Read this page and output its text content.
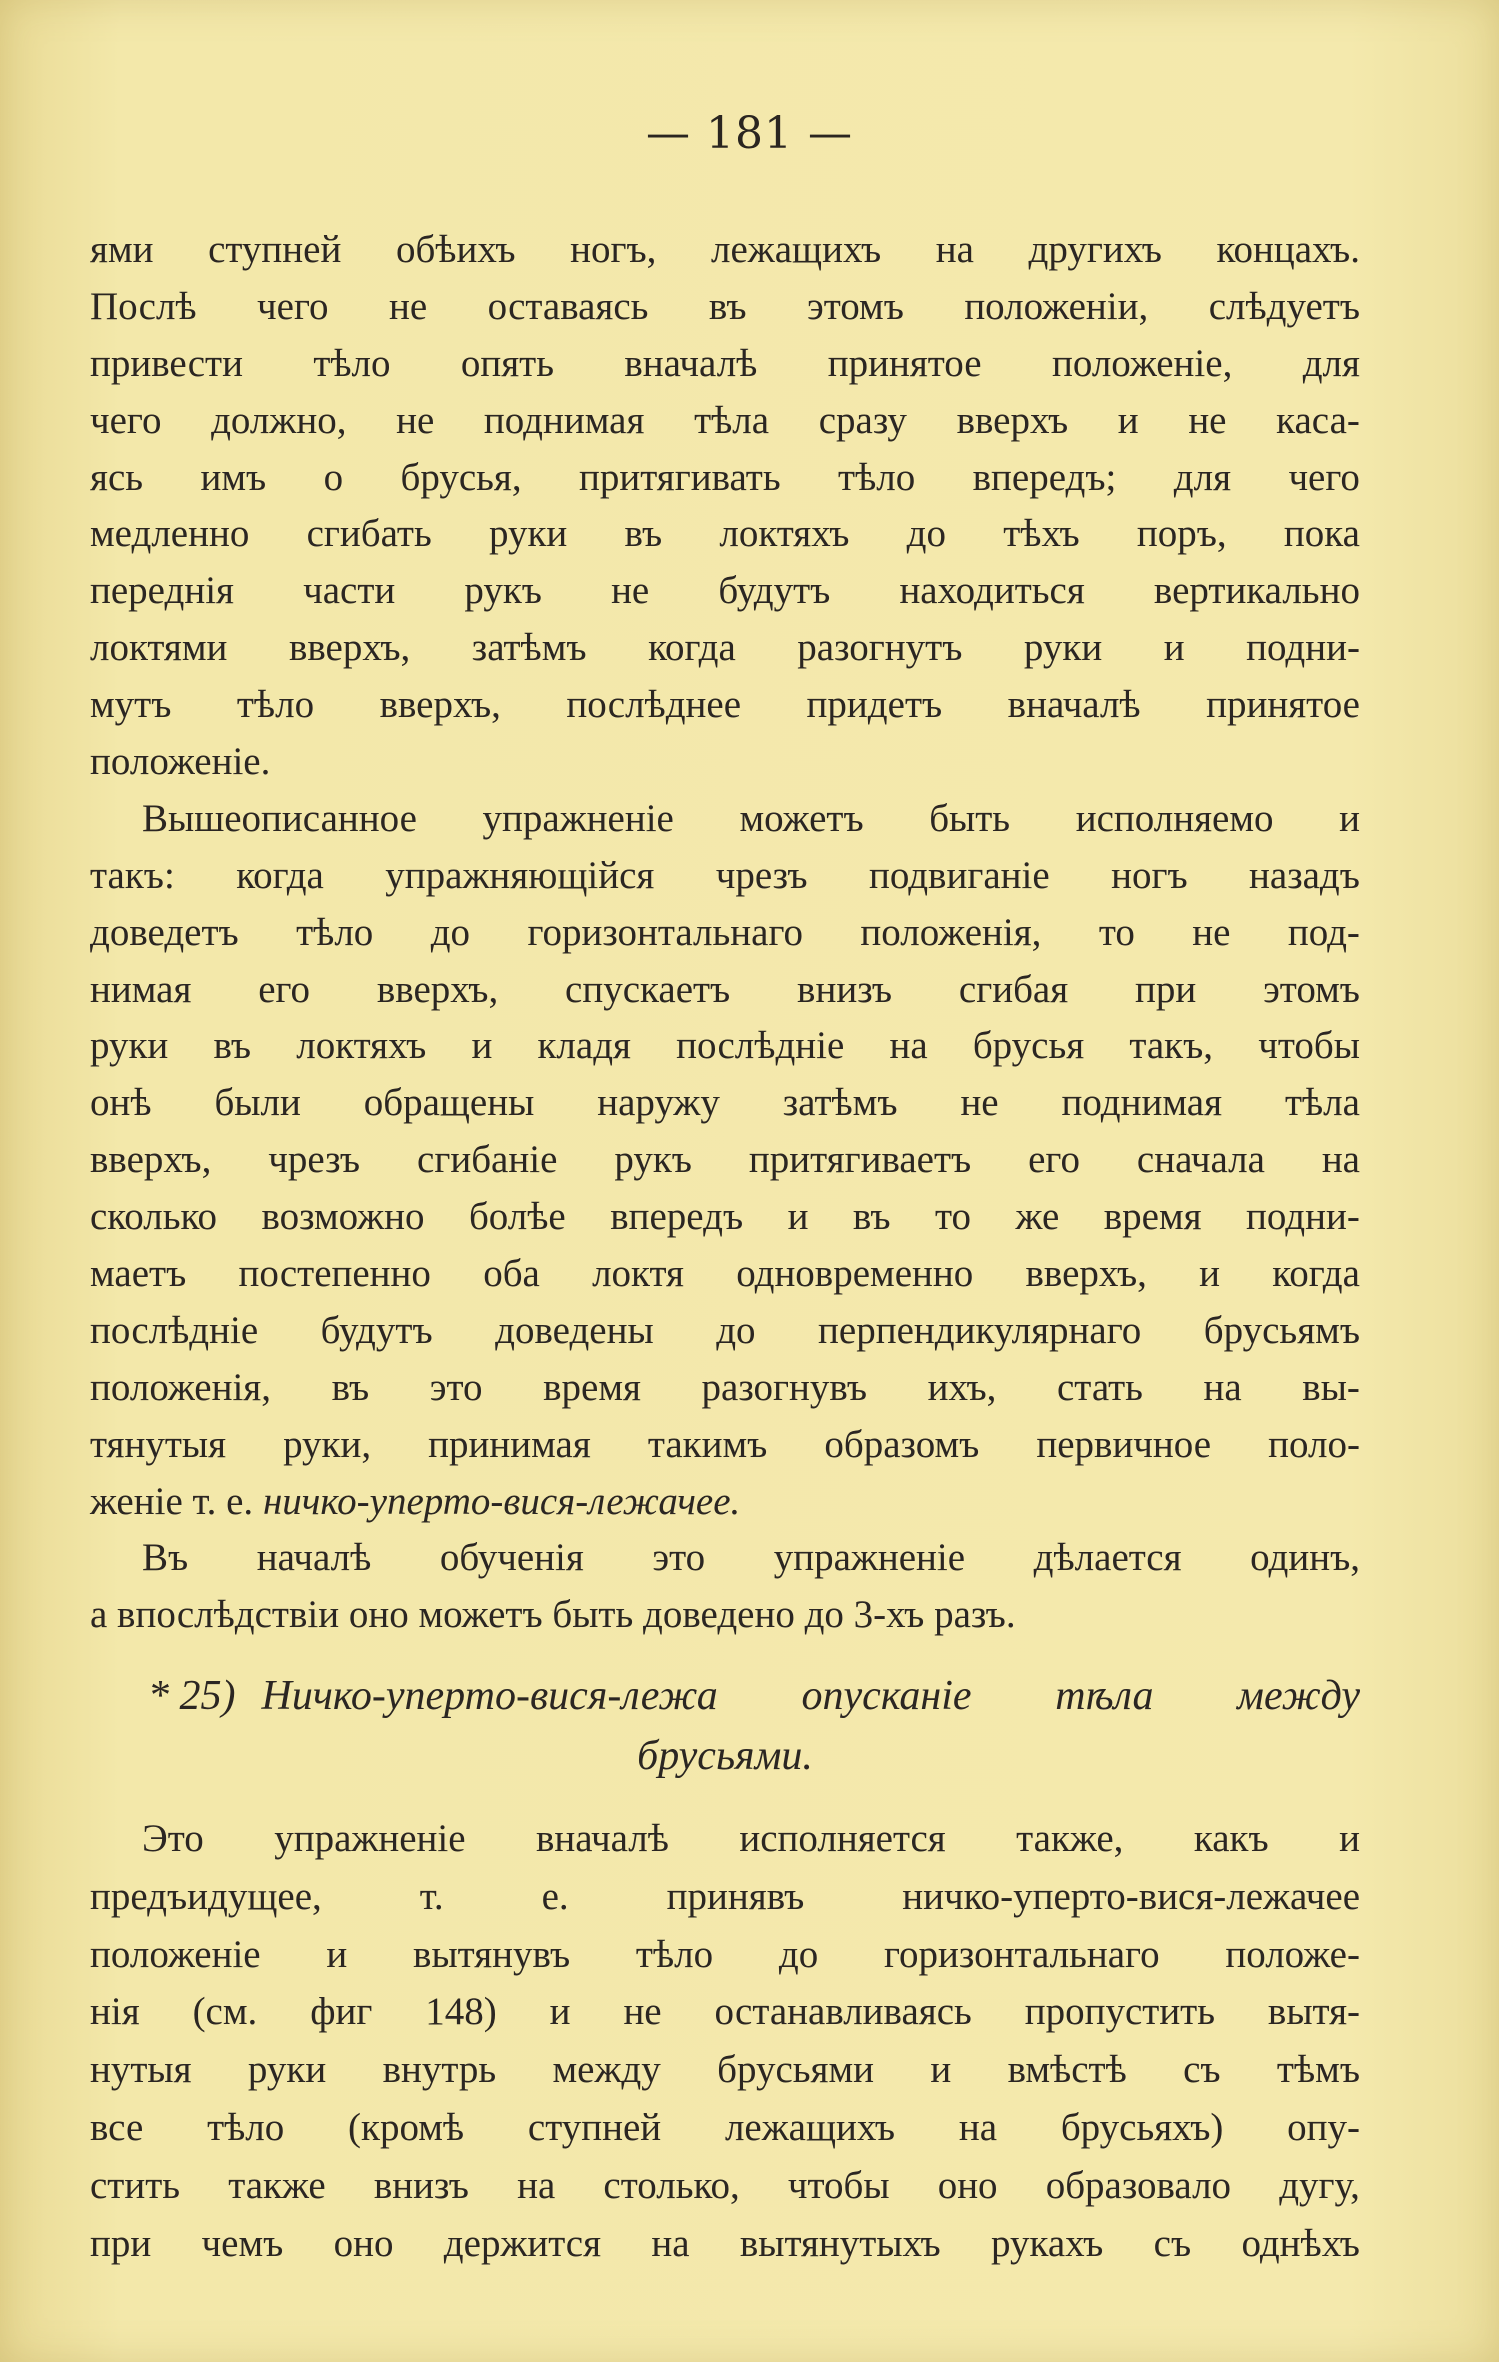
— 181 —
ями ступней обѣихъ ногъ, лежащихъ на другихъ концахъ.
Послѣ чего не оставаясь въ этомъ положеніи, слѣдуетъ
привести тѣло опять вначалѣ принятое положеніе, для
чего должно, не поднимая тѣла сразу вверхъ и не каса-
ясь имъ о брусья, притягивать тѣло впередъ; для чего
медленно сгибать руки въ локтяхъ до тѣхъ поръ, пока
переднія части рукъ не будутъ находиться вертикально
локтями вверхъ, затѣмъ когда разогнутъ руки и подни-
мутъ тѣло вверхъ, послѣднее придетъ вначалѣ принятое
положеніе.
Вышеописанное упражненіе можетъ быть исполняемо и
такъ: когда упражняющійся чрезъ подвиганіе ногъ назадъ
доведетъ тѣло до горизонтальнаго положенія, то не под-
нимая его вверхъ, спускаетъ внизъ сгибая при этомъ
руки въ локтяхъ и кладя послѣдніе на брусья такъ, чтобы
онѣ были обращены наружу затѣмъ не поднимая тѣла
вверхъ, чрезъ сгибаніе рукъ притягиваетъ его сначала на
сколько возможно болѣе впередъ и въ то же время подни-
маетъ постепенно оба локтя одновременно вверхъ, и когда
послѣдніе будутъ доведены до перпендикулярнаго брусьямъ
положенія, въ это время разогнувъ ихъ, стать на вы-
тянутыя руки, принимая такимъ образомъ первичное поло-
женіе т. е.
ничко-уперто-вися-лежачее.
Въ началѣ обученія это упражненіе дѣлается одинъ,
а впослѣдствіи оно можетъ быть доведено до 3-хъ разъ.
* 25) Ничко-уперто-вися-лежа опусканіе тѣла между
брусьями.
Это упражненіе вначалѣ исполняется также, какъ и
предъидущее,	т.	е.	принявъ	ничко-уперто-вися-лежачее
положеніе и вытянувъ тѣло до горизонтальнаго положе-
нія (см. фиг 148) и не останавливаясь пропустить вытя-
нутыя руки внутрь между брусьями и вмѣстѣ съ тѣмъ
все тѣло (кромѣ ступней лежащихъ на брусьяхъ) опу-
стить также внизъ на столько, чтобы оно образовало дугу,
при чемъ оно держится на вытянутыхъ рукахъ съ однѣхъ
